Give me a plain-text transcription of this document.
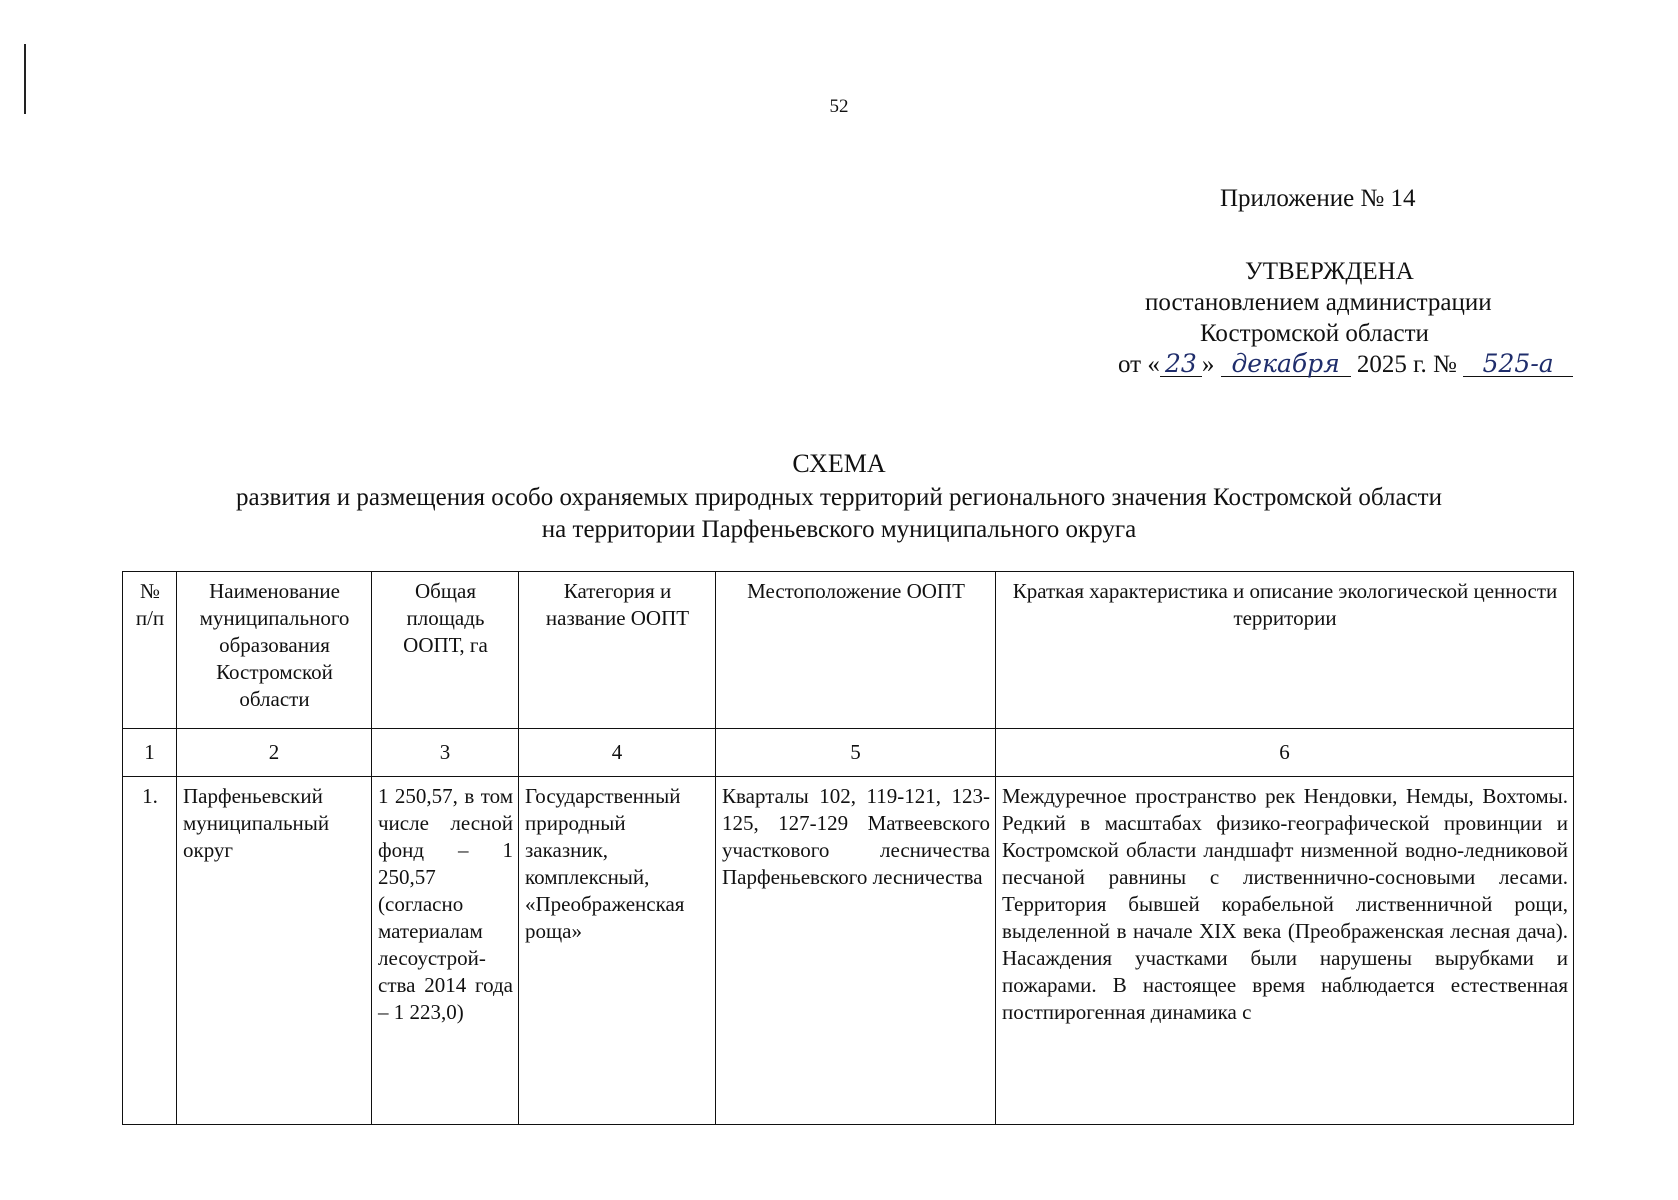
52
Приложение № 14
УТВЕРЖДЕНА
постановлением администрации
Костромской области
от « 23 » декабря 2025 г. № 525-а
СХЕМА
развития и размещения особо охраняемых природных территорий регионального значения Костромской области
на территории Парфеньевского муниципального округа
№ п/п	Наименование муниципального образования Костромской области	Общая площадь ООПТ, га	Категория и название ООПТ	Местоположение ООПТ	Краткая характеристика и описание экологической ценности территории
1	2	3	4	5	6
1.	Парфеньевский муниципальный округ	1 250,57, в том числе лесной фонд – 1 250,57 (согласно материалам лесоустрой-ства 2014 года – 1 223,0)	Государственный природный заказник, комплексный, «Преображенская роща»	Кварталы 102, 119-121, 123-125, 127-129 Матвеевского участкового лесничества Парфеньевского лесничества	Междуречное пространство рек Нендовки, Немды, Вохтомы. Редкий в масштабах физико-географической провинции и Костромской области ландшафт низменной водно-ледниковой песчаной равнины с лиственнично-сосновыми лесами. Территория бывшей корабельной лиственничной рощи, выделенной в начале XIX века (Преображенская лесная дача). Насаждения участками были нарушены вырубками и пожарами. В настоящее время наблюдается естественная постпирогенная динамика с
